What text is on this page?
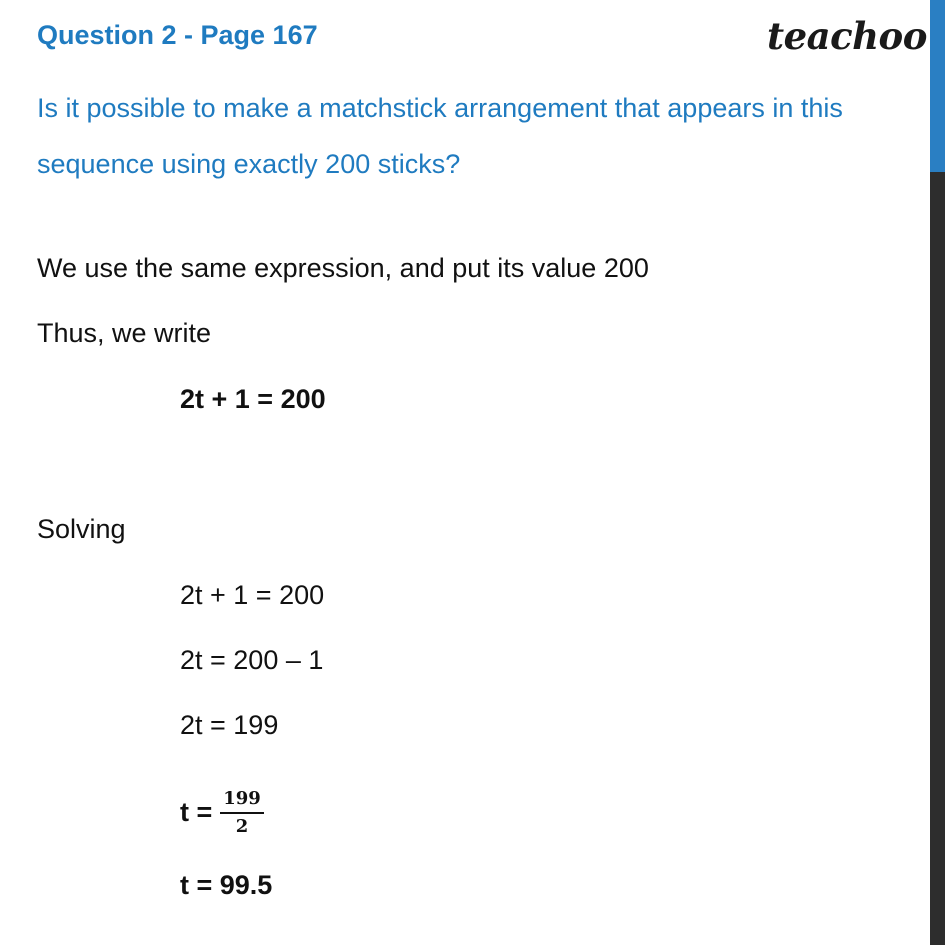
Question 2 - Page 167	teachoo
Is it possible to make a matchstick arrangement that appears in this sequence using exactly 200 sticks?
We use the same expression, and put its value 200
Thus, we write
2t + 1 = 200
Solving
2t + 1 = 200
2t = 200 – 1
2t = 199
t = 199
2
t = 99.5
